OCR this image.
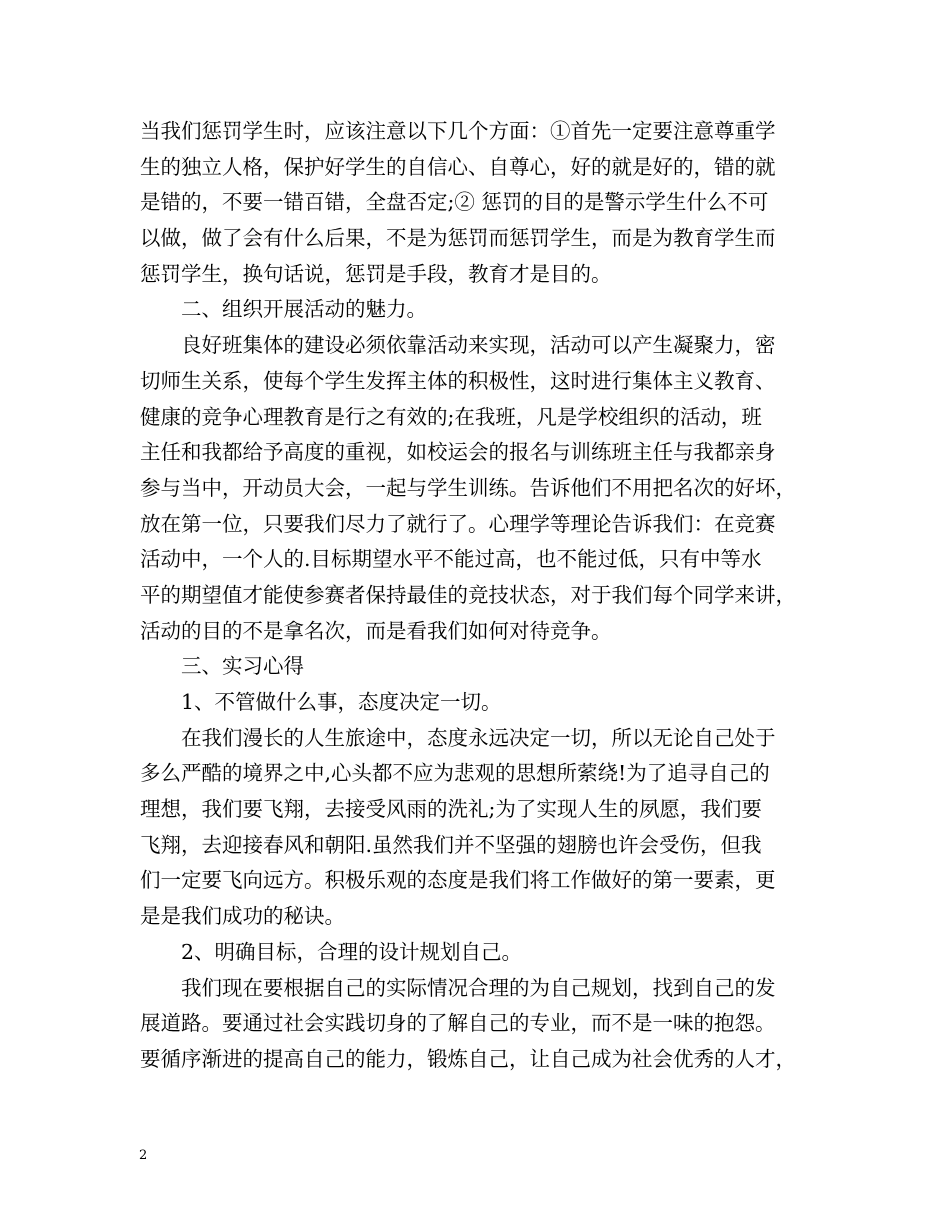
当我们惩罚学生时，应该注意以下几个方面：①首先一定要注意尊重学
生的独立人格，保护好学生的自信心、自尊心，好的就是好的，错的就
是错的，不要一错百错，全盘否定;② 惩罚的目的是警示学生什么不可
以做，做了会有什么后果，不是为惩罚而惩罚学生，而是为教育学生而
惩罚学生，换句话说，惩罚是手段，教育才是目的。
　　二、组织开展活动的魅力。
　　良好班集体的建设必须依靠活动来实现，活动可以产生凝聚力，密
切师生关系，使每个学生发挥主体的积极性，这时进行集体主义教育、
健康的竞争心理教育是行之有效的;在我班，凡是学校组织的活动，班
主任和我都给予高度的重视，如校运会的报名与训练班主任与我都亲身
参与当中，开动员大会，一起与学生训练。告诉他们不用把名次的好坏，
放在第一位，只要我们尽力了就行了。心理学等理论告诉我们：在竞赛
活动中，一个人的.目标期望水平不能过高，也不能过低，只有中等水
平的期望值才能使参赛者保持最佳的竞技状态，对于我们每个同学来讲，
活动的目的不是拿名次，而是看我们如何对待竞争。
　　三、实习心得
　　1、不管做什么事，态度决定一切。
　　在我们漫长的人生旅途中，态度永远决定一切，所以无论自己处于
多么严酷的境界之中,心头都不应为悲观的思想所萦绕!为了追寻自己的
理想，我们要飞翔，去接受风雨的洗礼;为了实现人生的夙愿，我们要
飞翔，去迎接春风和朝阳.虽然我们并不坚强的翅膀也许会受伤，但我
们一定要飞向远方。积极乐观的态度是我们将工作做好的第一要素，更
是是我们成功的秘诀。
　　2、明确目标，合理的设计规划自己。
　　我们现在要根据自己的实际情况合理的为自己规划，找到自己的发
展道路。要通过社会实践切身的了解自己的专业，而不是一味的抱怨。
要循序渐进的提高自己的能力，锻炼自己，让自己成为社会优秀的人才，
2
